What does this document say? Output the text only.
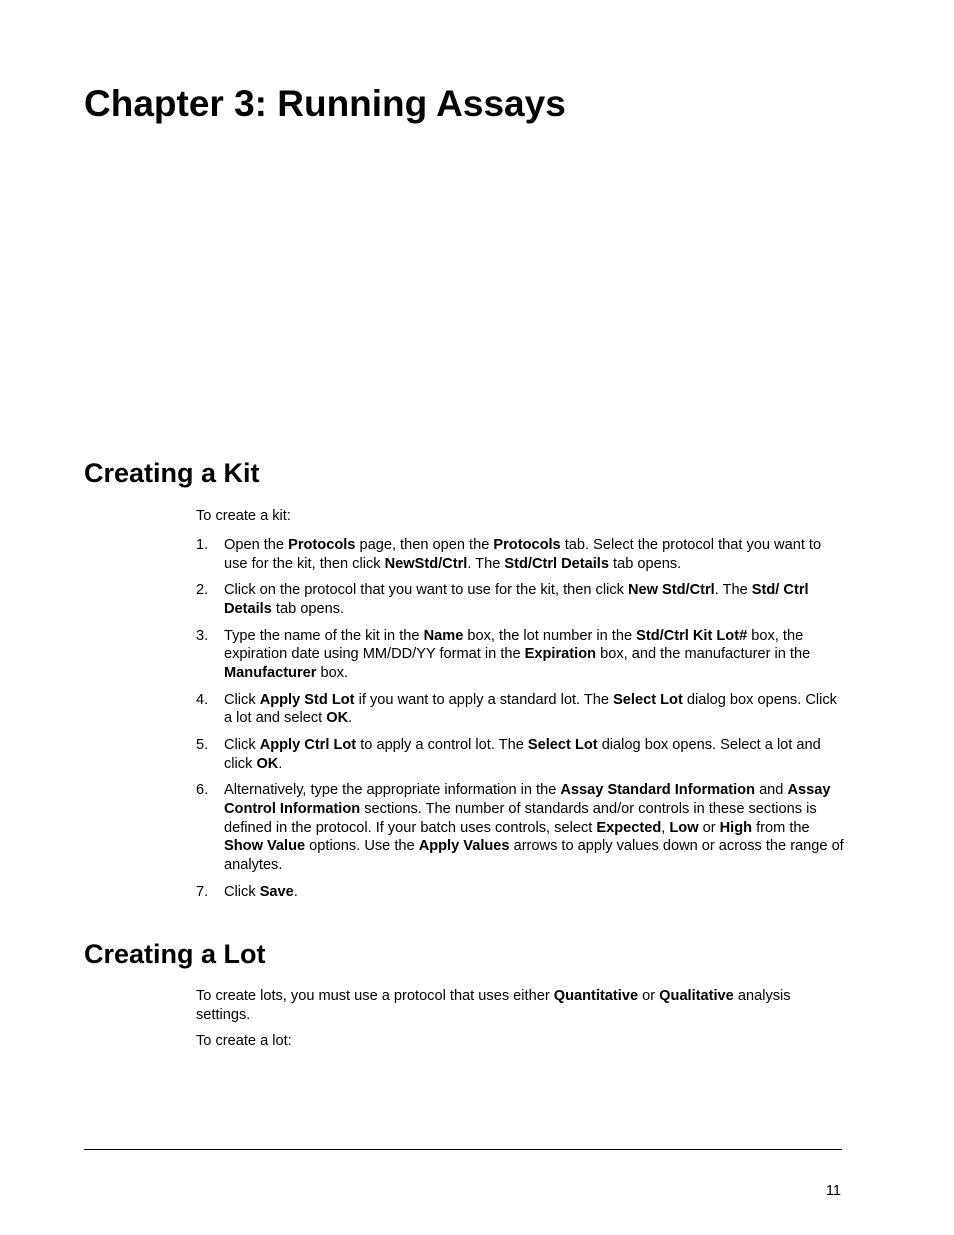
Chapter 3: Running Assays
Creating a Kit

To create a kit:

1. Open the Protocols page, then open the Protocols tab. Select the protocol that you want to use for the kit, then click NewStd/Ctrl. The Std/Ctrl Details tab opens.
2. Click on the protocol that you want to use for the kit, then click New Std/Ctrl. The Std/ Ctrl Details tab opens.
3. Type the name of the kit in the Name box, the lot number in the Std/Ctrl Kit Lot# box, the expiration date using MM/DD/YY format in the Expiration box, and the manufacturer in the Manufacturer box.
4. Click Apply Std Lot if you want to apply a standard lot. The Select Lot dialog box opens. Click a lot and select OK.
5. Click Apply Ctrl Lot to apply a control lot. The Select Lot dialog box opens. Select a lot and click OK.
6. Alternatively, type the appropriate information in the Assay Standard Information and Assay Control Information sections. The number of standards and/or controls in these sections is defined in the protocol. If your batch uses controls, select Expected, Low or High from the Show Value options. Use the Apply Values arrows to apply values down or across the range of analytes.
7. Click Save.
Creating a Lot

To create lots, you must use a protocol that uses either Quantitative or Qualitative analysis settings.

To create a lot:

11
